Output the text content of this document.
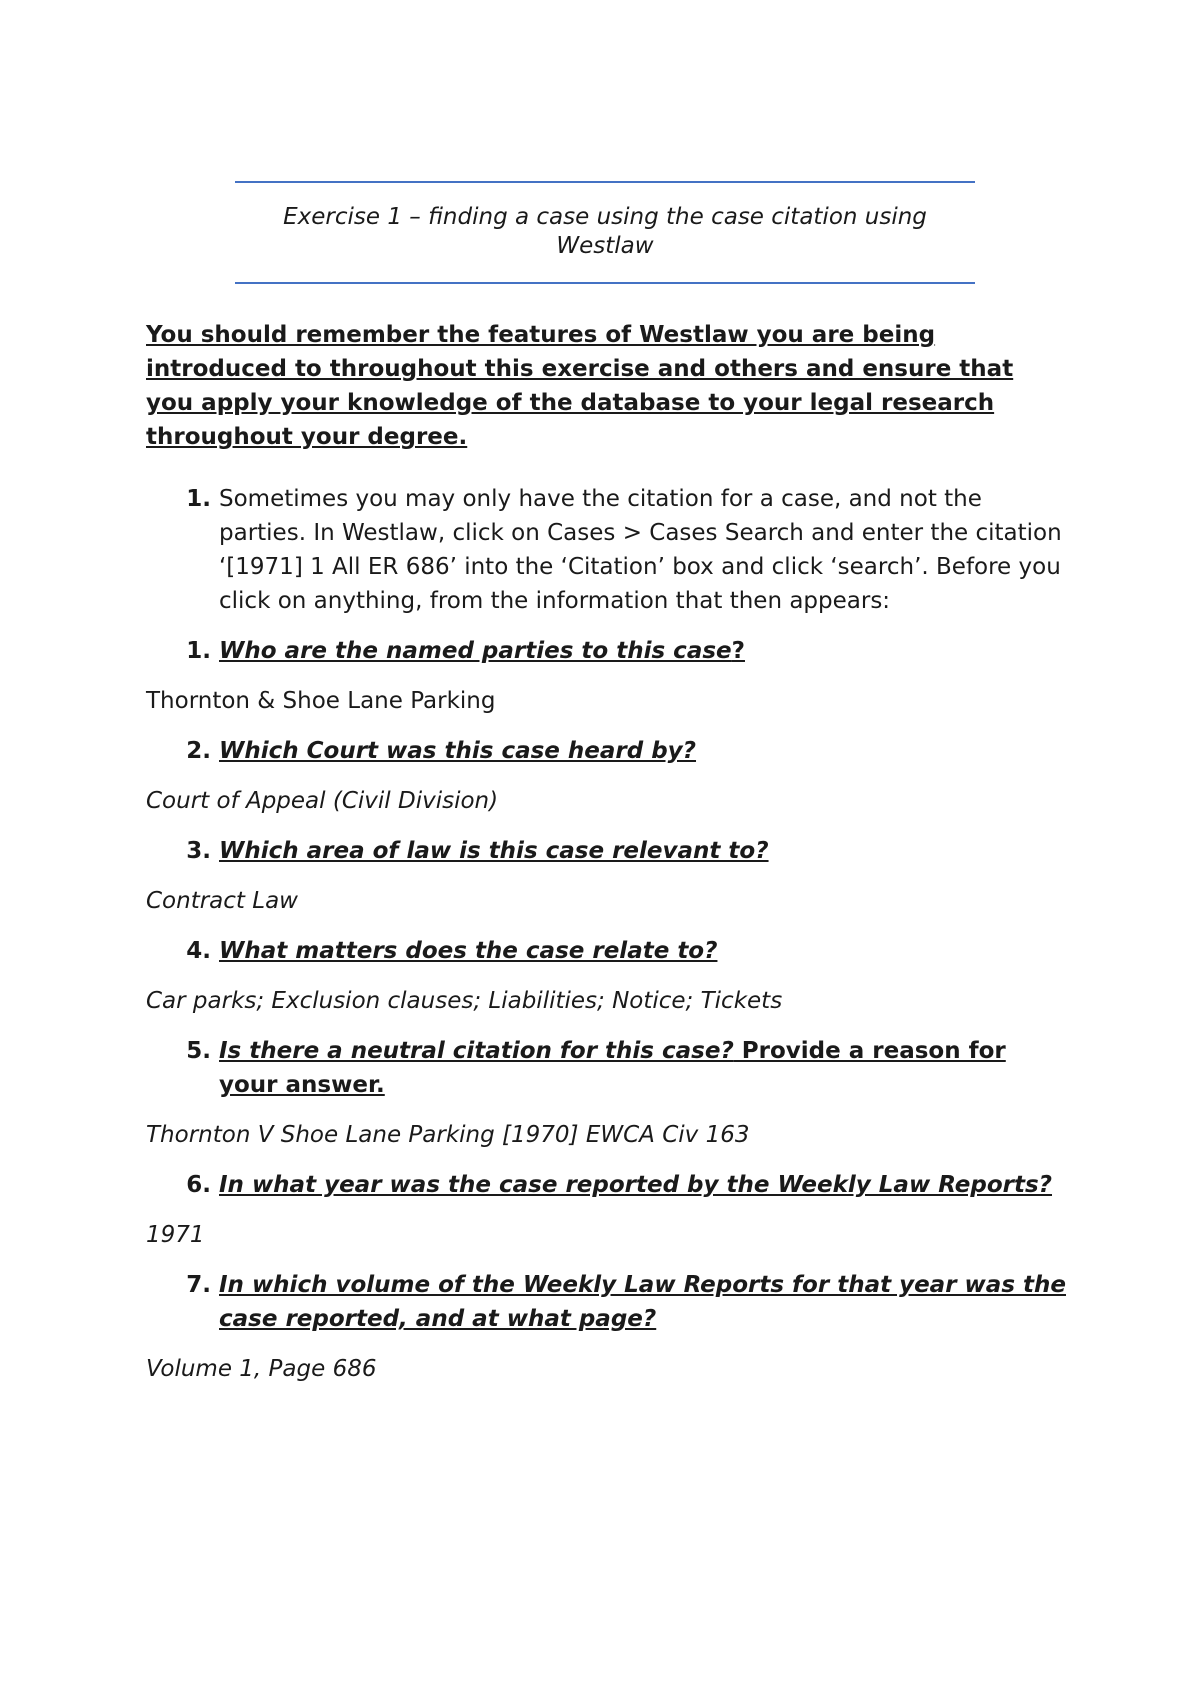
Exercise 1 – finding a case using the case citation using
Westlaw

You should remember the features of Westlaw you are being introduced to throughout this exercise and others and ensure that you apply your knowledge of the database to your legal research throughout your degree.

1. Sometimes you may only have the citation for a case, and not the parties. In Westlaw, click on Cases > Cases Search and enter the citation ‘[1971] 1 All ER 686’ into the ‘Citation’ box and click ‘search’. Before you click on anything, from the information that then appears:
1. Who are the named parties to this case?

Thornton & Shoe Lane Parking

2. Which Court was this case heard by?

Court of Appeal (Civil Division)

3. Which area of law is this case relevant to?

Contract Law

4. What matters does the case relate to?

Car parks; Exclusion clauses; Liabilities; Notice; Tickets

5. Is there a neutral citation for this case? Provide a reason for your answer.

Thornton V Shoe Lane Parking [1970] EWCA Civ 163

6. In what year was the case reported by the Weekly Law Reports?

1971

7. In which volume of the Weekly Law Reports for that year was the case reported, and at what page?

Volume 1, Page 686
